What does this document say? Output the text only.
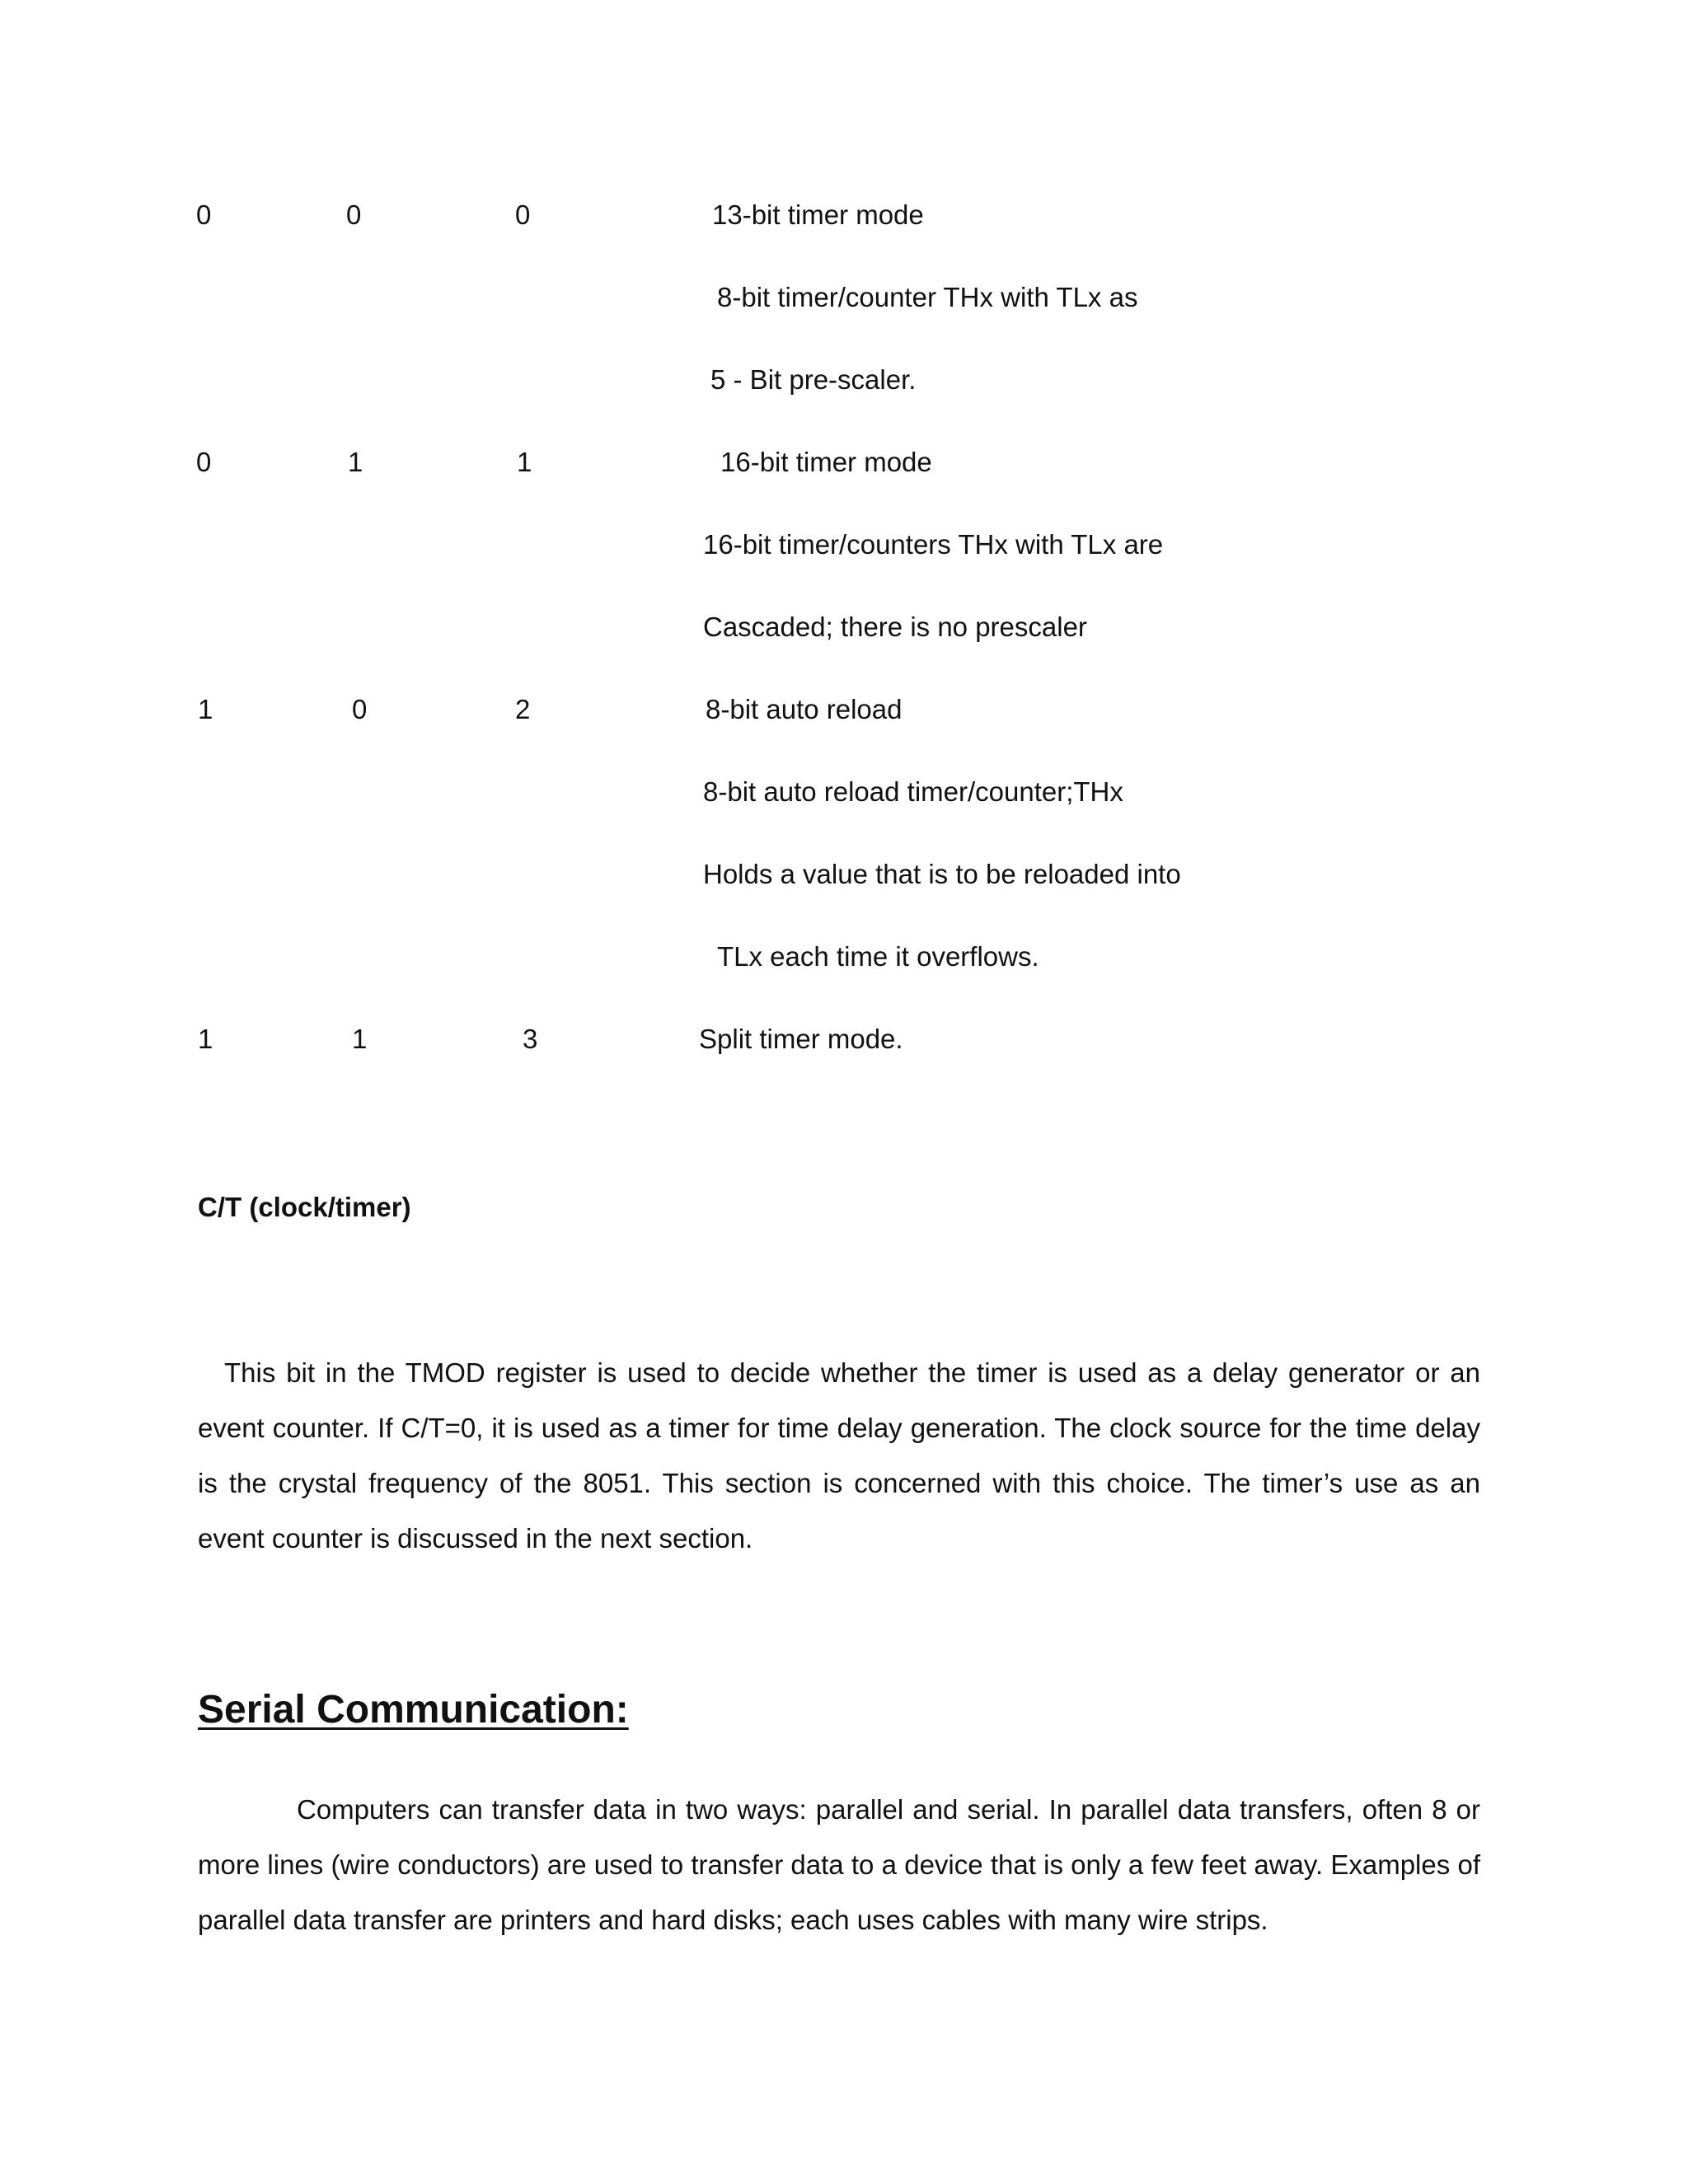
0	0	0	13-bit timer mode
8-bit timer/counter THx with TLx as
5 - Bit pre-scaler.
0	1	1	16-bit timer mode
16-bit timer/counters THx with TLx are
Cascaded; there is no prescaler
1	0	2	8-bit auto reload
8-bit auto reload timer/counter;THx
Holds a value that is to be reloaded into
TLx each time it overflows.
1	1	3	Split timer mode.
C/T (clock/timer)

This bit in the TMOD register is used to decide whether the timer is used as a delay generator or an event counter. If C/T=0, it is used as a timer for time delay generation. The clock source for the time delay is the crystal frequency of the 8051. This section is concerned with this choice. The timer’s use as an event counter is discussed in the next section.

Serial Communication:

Computers can transfer data in two ways: parallel and serial. In parallel data transfers, often 8 or more lines (wire conductors) are used to transfer data to a device that is only a few feet away. Examples of parallel data transfer are printers and hard disks; each uses cables with many wire strips.
